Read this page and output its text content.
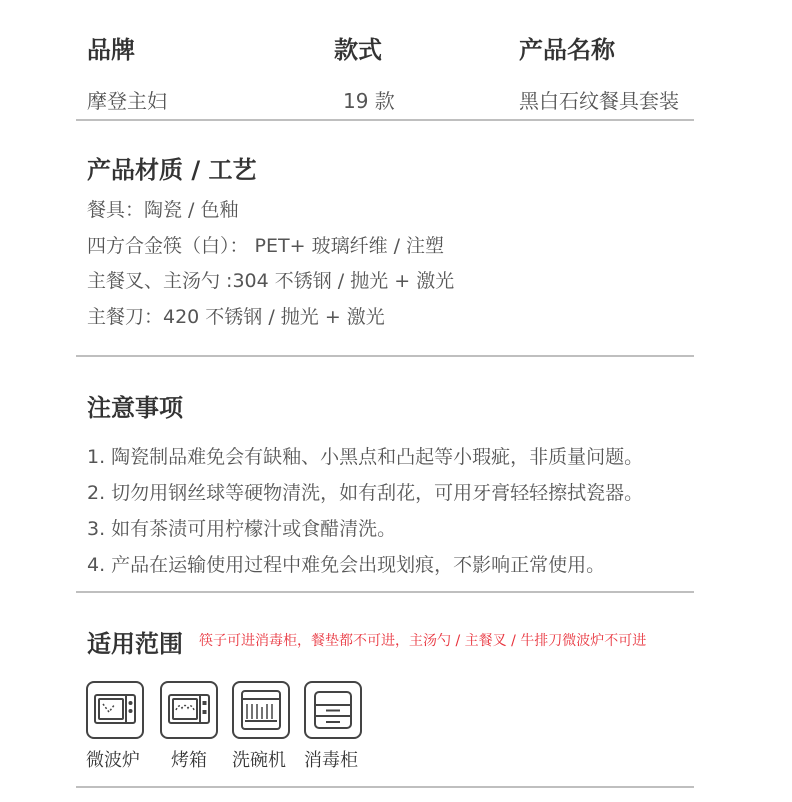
品牌	款式	产品名称
摩登主妇	19 款	黑白石纹餐具套装
产品材质 / 工艺
餐具：陶瓷 / 色釉
四方合金筷（白）： PET+ 玻璃纤维 / 注塑
主餐叉、主汤勺 :304 不锈钢 / 抛光 + 激光
主餐刀：420 不锈钢 / 抛光 + 激光
注意事项
1. 陶瓷制品难免会有缺釉、小黑点和凸起等小瑕疵，非质量问题。
2. 切勿用钢丝球等硬物清洗，如有刮花，可用牙膏轻轻擦拭瓷器。
3. 如有茶渍可用柠檬汁或食醋清洗。
4. 产品在运输使用过程中难免会出现划痕，不影响正常使用。
适用范围 筷子可进消毒柜，餐垫都不可进，主汤勺 / 主餐叉 / 牛排刀微波炉不可进
微波炉 烤箱 洗碗机 消毒柜
